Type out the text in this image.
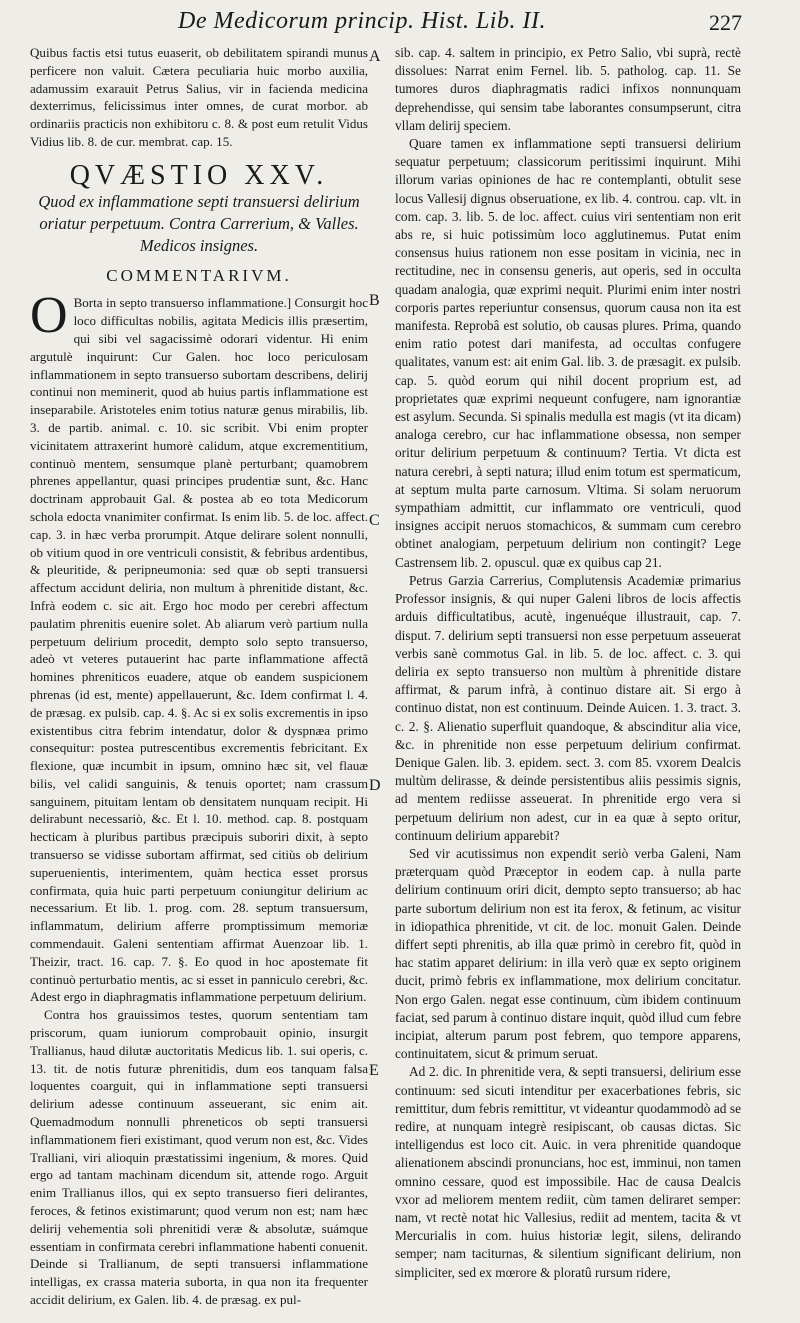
De Medicorum princip. Hist. Lib. II.	227

Quibus factis etsi tutus euaserit, ob debilitatem spirandi munus perficere non valuit. Cætera peculiaria huic morbo auxilia, adamussim exarauit Petrus Salius, vir in facienda medicina dexterrimus, felicissimus inter omnes, de curat morbor. ab ordinariis practicis non exhibitoru c. 8. & post eum retulit Vidus Vidius lib. 8. de cur. membrat. cap. 15.

QVÆSTIO XXV.
Quod ex inflammatione septi transuersi delirium oriatur perpetuum. Contra Carrerium, & Valles. Medicos insignes.
COMMENTARIVM.

O Borta in septo transuerso inflammatione.] Consurgit hoc loco difficultas nobilis, agitata Medicis illis præsertim, qui sibi vel sagacissimè odorari videntur. Hi enim argutulè inquirunt: Cur Galen. hoc loco periculosam inflammationem in septo transuerso subortam describens, delirij continui non meminerit, quod ab huius partis inflammatione est inseparabile. Aristoteles enim totius naturæ genus mirabilis, lib. 3. de partib. animal. c. 10. sic scribit. Vbi enim propter vicinitatem attraxerint humorè calidum, atque excrementitium, continuò mentem, sensumque planè perturbant; quamobrem phrenes appellantur, quasi principes prudentiæ sunt, &c. Hanc doctrinam approbauit Gal. & postea ab eo tota Medicorum schola edocta vnanimiter confirmat. Is enim lib. 5. de loc. affect. cap. 3. in hæc verba prorumpit. Atque delirare solent nonnulli, ob vitium quod in ore ventriculi consistit, & febribus ardentibus, & pleuritide, & peripneumonia: sed quæ ob septi transuersi affectum accidunt deliria, non multum à phrenitide distant, &c. Infrà eodem c. sic ait. Ergo hoc modo per cerebri affectum paulatim phrenitis euenire solet. Ab aliarum verò partium nulla perpetuum delirium procedit, dempto solo septo transuerso, adeò vt veteres putauerint hac parte inflammatione affectâ homines phreniticos euadere, atque ob eandem suspicionem phrenas (id est, mente) appellauerunt, &c. Idem confirmat l. 4. de præsag. ex pulsib. cap. 4. §. Ac si ex solis excrementis in ipso existentibus citra febrim intendatur, dolor & dyspnæa primo consequitur: postea putrescentibus excrementis febricitant. Ex flexione, quæ incumbit in ipsum, omnino hæc sit, vel flauæ bilis, vel calidi sanguinis, & tenuis oportet; nam crassum sanguinem, pituitam lentam ob densitatem nunquam recipit. Hi delirabunt necessariò, &c. Et l. 10. method. cap. 8. postquam hecticam à pluribus partibus præcipuis suboriri dixit, à septo transuerso se vidisse subortam affirmat, sed citiùs ob delirium superuenientis, interimentem, quàm hectica esset prorsus confirmata, quia huic parti perpetuum coniungitur delirium ac necessarium. Et lib. 1. prog. com. 28. septum transuersum, inflammatum, delirium afferre promptissimum memoriæ commendauit. Galeni sententiam affirmat Auenzoar lib. 1. Theizir, tract. 16. cap. 7. §. Eo quod in hoc apostemate fit continuò perturbatio mentis, ac si esset in panniculo cerebri, &c. Adest ergo in diaphragmatis inflammatione perpetuum delirium.

Contra hos grauissimos testes, quorum sententiam tam priscorum, quam iuniorum comprobauit opinio, insurgit Trallianus, haud dilutæ auctoritatis Medicus lib. 1. sui operis, c. 13. tit. de notis futuræ phrenitidis, dum eos tanquam falsa loquentes coarguit, qui in inflammatione septi transuersi delirium adesse continuum asseuerant, sic enim ait. Quemadmodum nonnulli phreneticos ob septi transuersi inflammationem fieri existimant, quod verum non est, &c. Vides Tralliani, viri alioquin præstatissimi ingenium, & mores. Quid ergo ad tantam machinam dicendum sit, attende rogo. Arguit enim Trallianus illos, qui ex septo transuerso fieri delirantes, feroces, & fetinos existimarunt; quod verum non est; nam hæc delirij vehementia soli phrenitidi veræ & absolutæ, suámque essentiam in confirmata cerebri inflammatione habenti conuenit. Deinde si Trallianum, de septi transuersi inflammatione intelligas, ex crassa materia suborta, in qua non ita frequenter accidit delirium, ex Galen. lib. 4. de præsag. ex pul-

A
B
C
D
E

sib. cap. 4. saltem in principio, ex Petro Salio, vbi suprà, rectè dissolues: Narrat enim Fernel. lib. 5. patholog. cap. 11. Se tumores duros diaphragmatis radici infixos nonnunquam deprehendisse, qui sensim tabe laborantes consumpserunt, citra vllam delirij speciem.

Quare tamen ex inflammatione septi transuersi delirium sequatur perpetuum; classicorum peritissimi inquirunt. Mihi illorum varias opiniones de hac re contemplanti, obtulit sese locus Vallesij dignus obseruatione, ex lib. 4. controu. cap. vlt. in com. cap. 3. lib. 5. de loc. affect. cuius viri sententiam non erit abs re, si huic potissimùm loco agglutinemus. Putat enim consensus huius rationem non esse positam in vicinia, nec in rectitudine, nec in consensu generis, aut operis, sed in occulta quadam analogia, quæ exprimi nequit. Plurimi enim inter nostri corporis partes reperiuntur consensus, quorum causa non ita est manifesta. Reprobâ est solutio, ob causas plures. Prima, quando enim ratio potest dari manifesta, ad occultas confugere qualitates, vanum est: ait enim Gal. lib. 3. de præsagit. ex pulsib. cap. 5. quòd eorum qui nihil docent proprium est, ad proprietates quæ exprimi nequeunt confugere, nam ignorantiæ est asylum. Secunda. Si spinalis medulla est magis (vt ita dicam) analoga cerebro, cur hac inflammatione obsessa, non semper oritur delirium perpetuum & continuum? Tertia. Vt dicta est natura cerebri, à septi natura; illud enim totum est spermaticum, at septum multa parte carnosum. Vltima. Si solam neruorum sympathiam admittit, cur inflammato ore ventriculi, quod insignes accipit neruos stomachicos, & summam cum cerebro obtinet analogiam, perpetuum delirium non contingit? Lege Castrensem lib. 2. opuscul. quæ ex quibus cap 21.

Petrus Garzia Carrerius, Complutensis Academiæ primarius Professor insignis, & qui nuper Galeni libros de locis affectis arduis difficultatibus, acutè, ingenuéque illustrauit, cap. 7. disput. 7. delirium septi transuersi non esse perpetuum asseuerat verbis sanè commotus Gal. in lib. 5. de loc. affect. c. 3. qui deliria ex septo transuerso non multùm à phrenitide distare affirmat, & parum infrà, à continuo distare ait. Si ergo à continuo distat, non est continuum. Deinde Auicen. 1. 3. tract. 3. c. 2. §. Alienatio superfluit quandoque, & abscinditur alia vice, &c. in phrenitide non esse perpetuum delirium confirmat. Denique Galen. lib. 3. epidem. sect. 3. com 85. vxorem Dealcis multùm delirasse, & deinde persistentibus aliis pessimis signis, ad mentem rediisse asseuerat. In phrenitide ergo vera si perpetuum delirium non adest, cur in ea quæ à septo oritur, continuum delirium apparebit?

Sed vir acutissimus non expendit seriò verba Galeni, Nam præterquam quòd Præceptor in eodem cap. à nulla parte delirium continuum oriri dicit, dempto septo transuerso; ab hac parte subortum delirium non est ita ferox, & fetinum, ac visitur in idiopathica phrenitide, vt cit. de loc. monuit Galen. Deinde differt septi phrenitis, ab illa quæ primò in cerebro fit, quòd in hac statim apparet delirium: in illa verò quæ ex septo originem ducit, primò febris ex inflammatione, mox delirium concitatur. Non ergo Galen. negat esse continuum, cùm ibidem continuum faciat, sed parum à continuo distare inquit, quòd illud cum febre incipiat, alterum parum post febrem, quo tempore apparens, continuitatem, sicut & primum seruat.

Ad 2. dic. In phrenitide vera, & septi transuersi, delirium esse continuum: sed sicuti intenditur per exacerbationes febris, sic remittitur, dum febris remittitur, vt videantur quodammodò ad se redire, at nunquam integrè resipiscant, ob causas dictas. Sic intelligendus est loco cit. Auic. in vera phrenitide quandoque alienationem abscindi pronuncians, hoc est, imminui, non tamen omnino cessare, quod est impossibile. Hac de causa Dealcis vxor ad meliorem mentem rediit, cùm tamen deliraret semper: nam, vt rectè notat hic Vallesius, rediit ad mentem, tacita & vt Mercurialis in com. huius historiæ legit, silens, delirando semper; nam taciturnas, & silentium significant delirium, non simpliciter, sed ex mœrore & ploratû rursum ridere,
